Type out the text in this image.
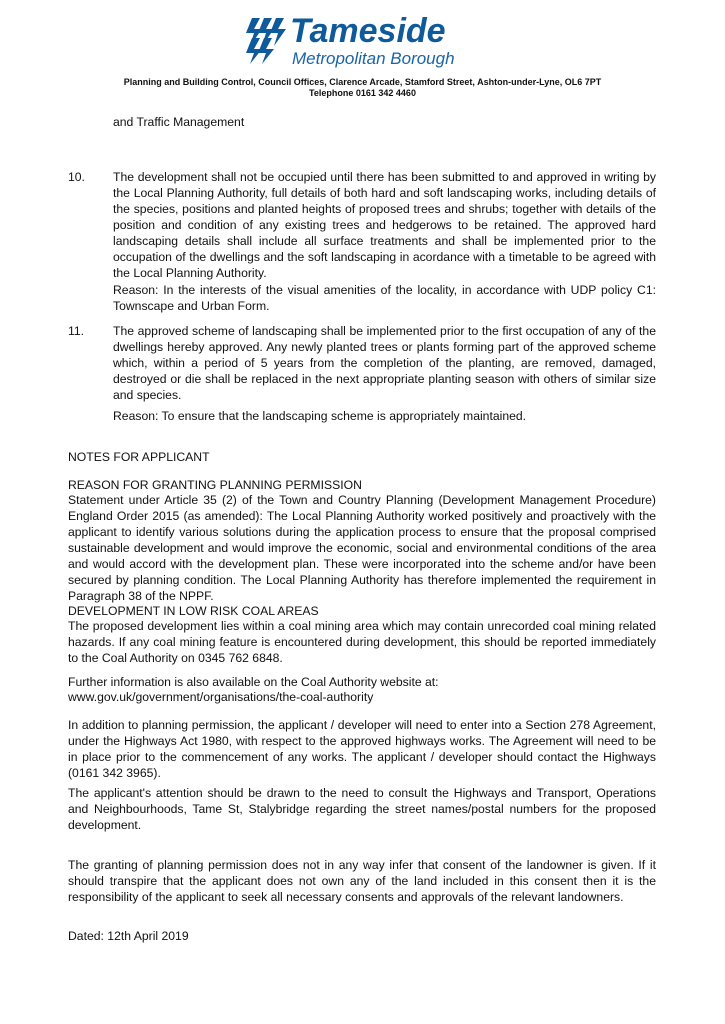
Tameside
Metropolitan Borough
Planning and Building Control, Council Offices, Clarence Arcade, Stamford Street, Ashton-under-Lyne, OL6 7PT
Telephone 0161 342 4460

and Traffic Management

10. The development shall not be occupied until there has been submitted to and approved in writing by the Local Planning Authority, full details of both hard and soft landscaping works, including details of the species, positions and planted heights of proposed trees and shrubs; together with details of the position and condition of any existing trees and hedgerows to be retained. The approved hard landscaping details shall include all surface treatments and shall be implemented prior to the occupation of the dwellings and the soft landscaping in acordance with a timetable to be agreed with the Local Planning Authority.

Reason: In the interests of the visual amenities of the locality, in accordance with UDP policy C1: Townscape and Urban Form.

11. The approved scheme of landscaping shall be implemented prior to the first occupation of any of the dwellings hereby approved. Any newly planted trees or plants forming part of the approved scheme which, within a period of 5 years from the completion of the planting, are removed, damaged, destroyed or die shall be replaced in the next appropriate planting season with others of similar size and species.

Reason: To ensure that the landscaping scheme is appropriately maintained.

NOTES FOR APPLICANT

REASON FOR GRANTING PLANNING PERMISSION

Statement under Article 35 (2) of the Town and Country Planning (Development Management Procedure) England Order 2015 (as amended): The Local Planning Authority worked positively and proactively with the applicant to identify various solutions during the application process to ensure that the proposal comprised sustainable development and would improve the economic, social and environmental conditions of the area and would accord with the development plan. These were incorporated into the scheme and/or have been secured by planning condition. The Local Planning Authority has therefore implemented the requirement in Paragraph 38 of the NPPF.

DEVELOPMENT IN LOW RISK COAL AREAS

The proposed development lies within a coal mining area which may contain unrecorded coal mining related hazards. If any coal mining feature is encountered during development, this should be reported immediately to the Coal Authority on 0345 762 6848.

Further information is also available on the Coal Authority website at:

www.gov.uk/government/organisations/the-coal-authority

In addition to planning permission, the applicant / developer will need to enter into a Section 278 Agreement, under the Highways Act 1980, with respect to the approved highways works. The Agreement will need to be in place prior to the commencement of any works. The applicant / developer should contact the Highways (0161 342 3965).

The applicant's attention should be drawn to the need to consult the Highways and Transport, Operations and Neighbourhoods, Tame St, Stalybridge regarding the street names/postal numbers for the proposed development.

The granting of planning permission does not in any way infer that consent of the landowner is given. If it should transpire that the applicant does not own any of the land included in this consent then it is the responsibility of the applicant to seek all necessary consents and approvals of the relevant landowners.

Dated: 12th April 2019
